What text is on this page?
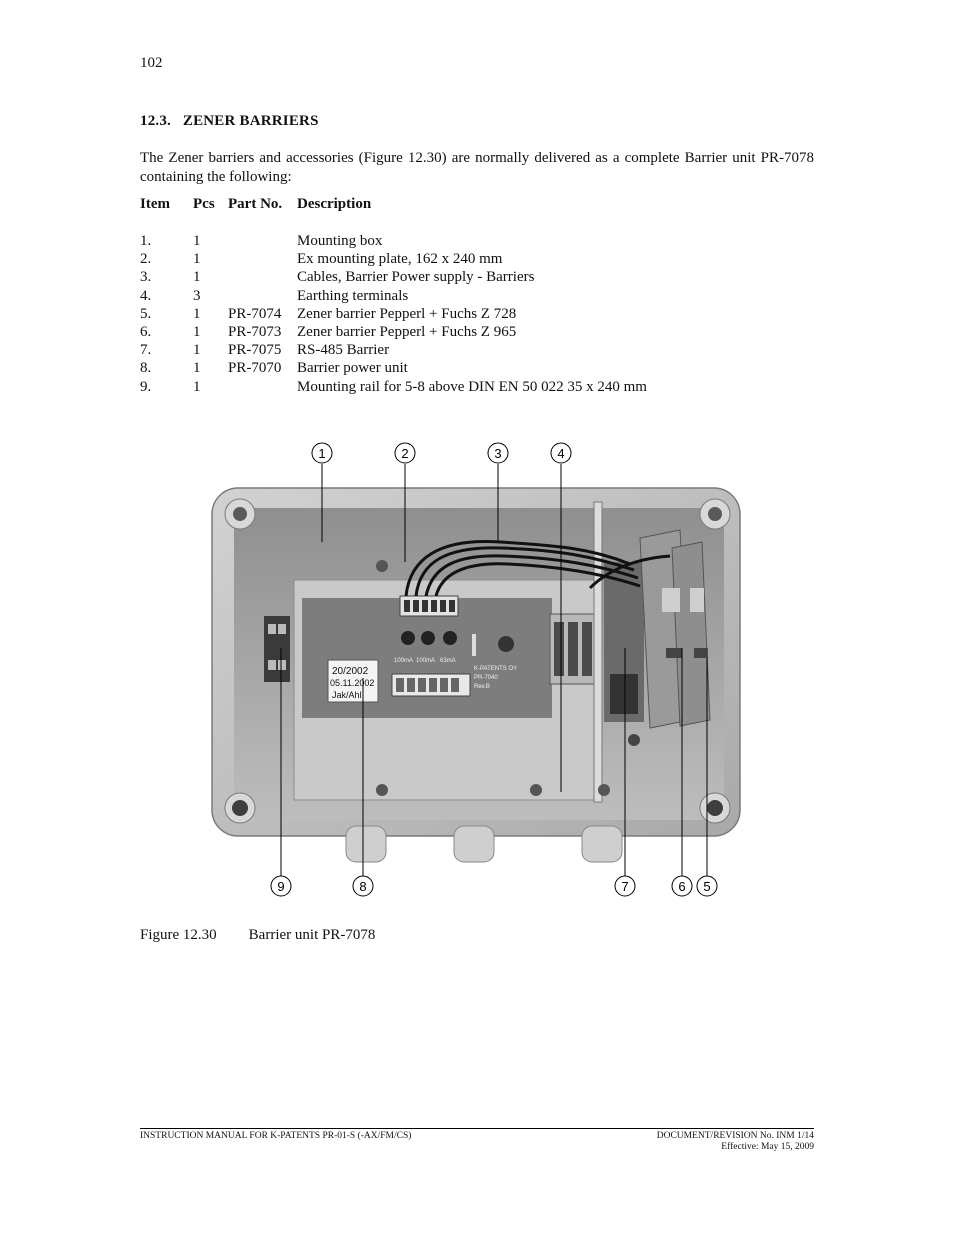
102
12.3. ZENER BARRIERS
The Zener barriers and accessories (Figure 12.30) are normally delivered as a complete Barrier unit PR-7078 containing the following:
Item	Pcs	Part No.	Description

1.	1		Mounting box
2.	1		Ex mounting plate, 162 x 240 mm
3.	1		Cables, Barrier Power supply - Barriers
4.	3		Earthing terminals
5.	1	PR-7074	Zener barrier Pepperl + Fuchs Z 728
6.	1	PR-7073	Zener barrier Pepperl + Fuchs Z 965
7.	1	PR-7075	RS-485 Barrier
8.	1	PR-7070	Barrier power unit
9.	1		Mounting rail for 5-8 above DIN EN 50 022 35 x 240 mm
20/2002
05.11.2002
Jak/Ahl
100mA 100mA 63mA
K-PATENTS OY
PR-7040
Rev.B
1	2	3	4
9	8	7	6 5
Figure 12.30 Barrier unit PR-7078
INSTRUCTION MANUAL FOR K-PATENTS PR-01-S (-AX/FM/CS)	DOCUMENT/REVISION No. INM 1/14
Effective: May 15, 2009
